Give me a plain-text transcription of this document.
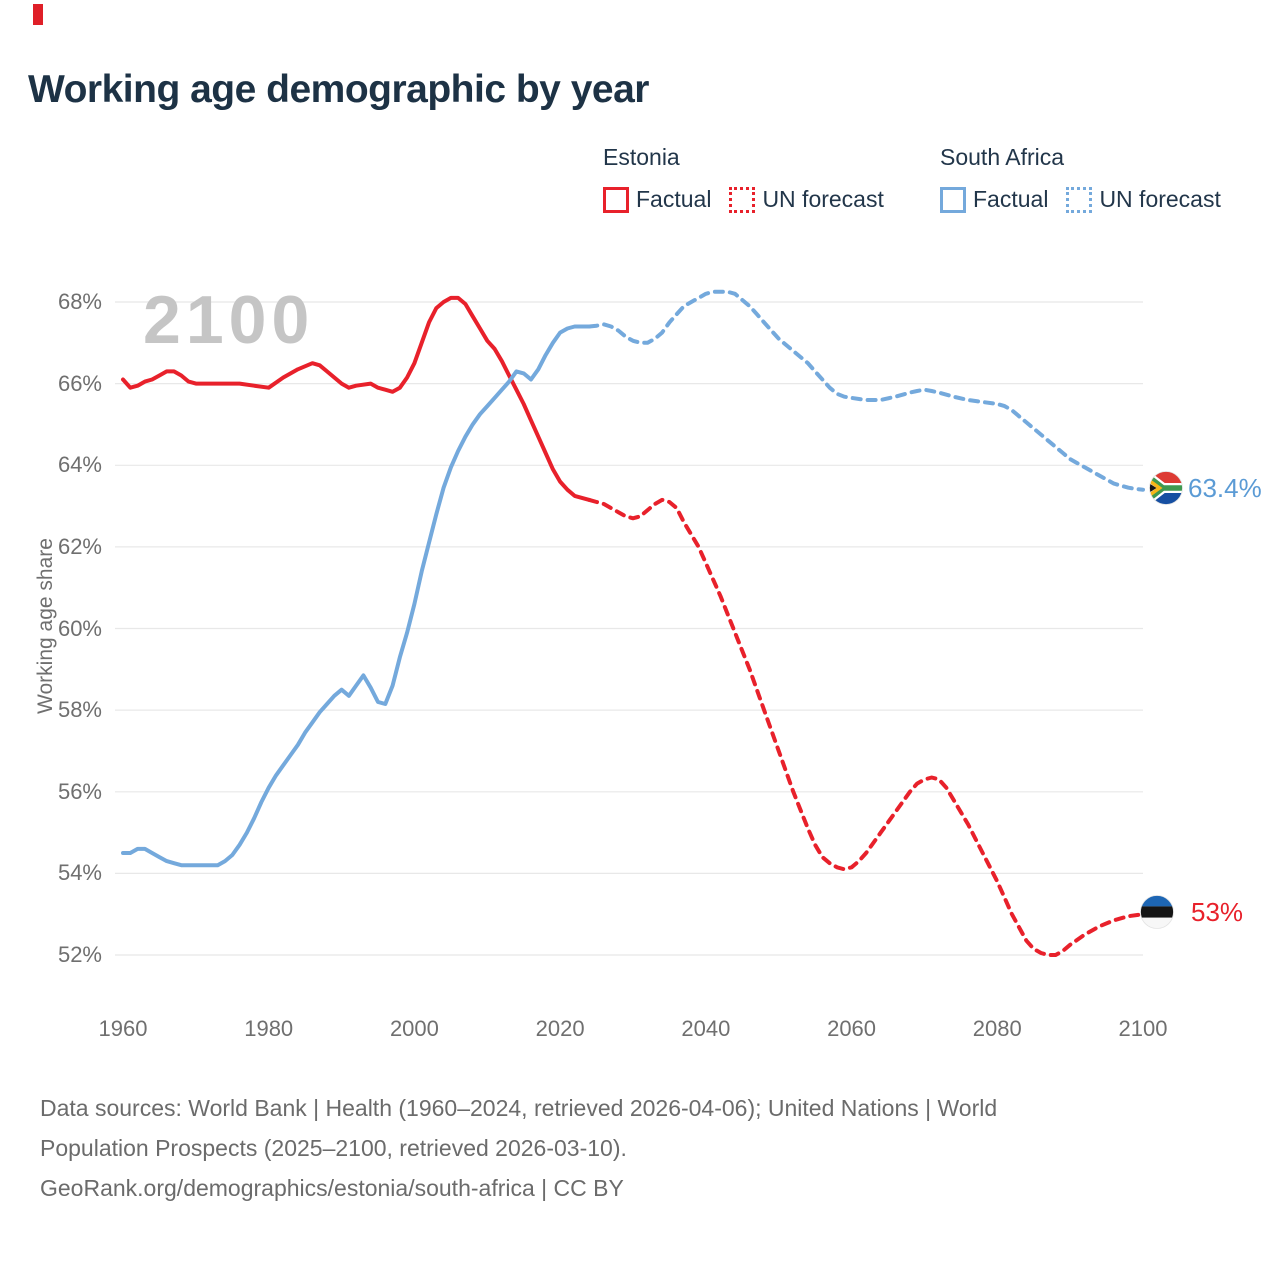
Working age demographic by year
Estonia
Factual UN forecast
South Africa
Factual UN forecast
Working age share
2100
68%
66%
64%
62%
60%
58%
56%
54%
52%
1960	1980	2000	2020	2040	2060	2080	2100
63.4%
53%
Data sources: World Bank | Health (1960–2024, retrieved 2026-04-06); United Nations | World
Population Prospects (2025–2100, retrieved 2026-03-10).
GeoRank.org/demographics/estonia/south-africa | CC BY
